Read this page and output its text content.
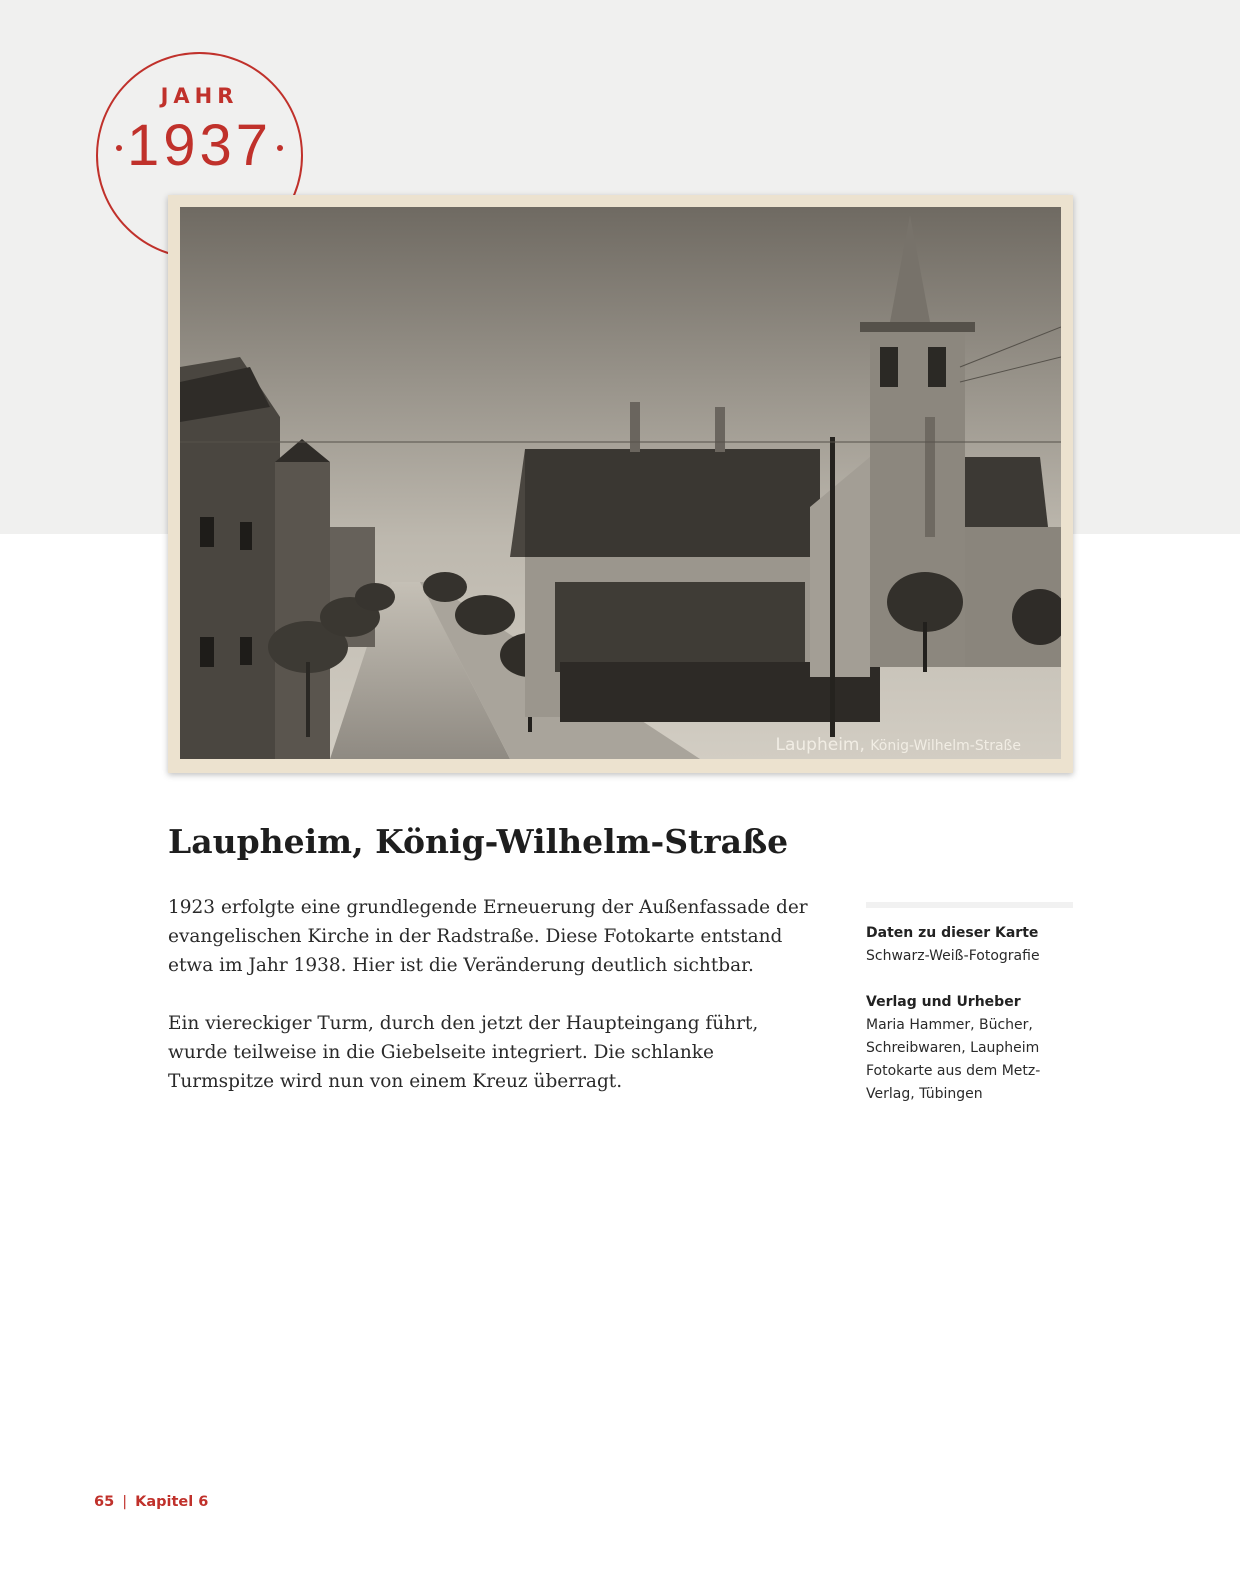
JAHR
1937
Laupheim, König-Wilhelm-Straße
Laupheim, König-Wilhelm-Straße

1923 erfolgte eine grundlegende Erneuerung der Außenfassade der evangelischen Kirche in der Radstraße. Diese Fotokarte entstand etwa im Jahr 1938. Hier ist die Veränderung deutlich sichtbar.

Ein viereckiger Turm, durch den jetzt der Haupteingang führt, wurde teilweise in die Giebelseite integriert. Die schlanke Turmspitze wird nun von einem Kreuz überragt.

Daten zu dieser Karte
Schwarz-Weiß-Fotografie
Verlag und Urheber
Maria Hammer, Bücher, Schreibwaren, Laupheim Fotokarte aus dem Metz-Verlag, Tübingen
65 | Kapitel 6
